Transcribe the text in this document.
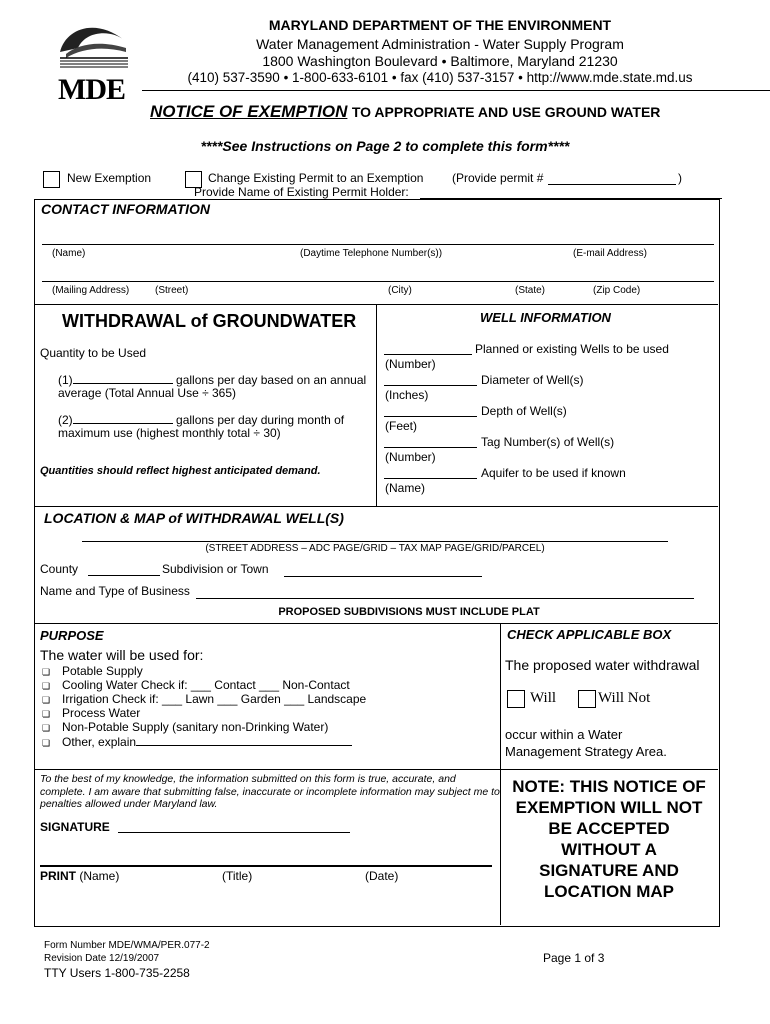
MDE
MARYLAND DEPARTMENT OF THE ENVIRONMENT
Water Management Administration - Water Supply Program
1800 Washington Boulevard • Baltimore, Maryland 21230
(410) 537-3590 • 1-800-633-6101 • fax (410) 537-3157 • http://www.mde.state.md.us
NOTICE OF EXEMPTION TO APPROPRIATE AND USE GROUND WATER
****See Instructions on Page 2 to complete this form****
New Exemption	Change Existing Permit to an Exemption (Provide permit #	)
Provide Name of Existing Permit Holder:
CONTACT INFORMATION
(Name)	(Daytime Telephone Number(s))	(E-mail Address)
(Mailing Address)	(Street)	(City)	(State)	(Zip Code)
WITHDRAWAL of GROUNDWATER
Quantity to be Used
(1)	gallons per day based on an annual
average (Total Annual Use ÷ 365)
(2)	gallons per day during month of
maximum use (highest monthly total ÷ 30)
Quantities should reflect highest anticipated demand.
WELL INFORMATION
Planned or existing Wells to be used
(Number)
Diameter of Well(s)
(Inches)
Depth of Well(s)
(Feet)
Tag Number(s) of Well(s)
(Number)
Aquifer to be used if known
(Name)
LOCATION & MAP of WITHDRAWAL WELL(S)
(STREET ADDRESS – ADC PAGE/GRID – TAX MAP PAGE/GRID/PARCEL)
County	Subdivision or Town
Name and Type of Business
PROPOSED SUBDIVISIONS MUST INCLUDE PLAT
PURPOSE
The water will be used for:
❏ Potable Supply
❏ Cooling Water Check if: ___ Contact ___ Non-Contact
❏ Irrigation Check if: ___ Lawn ___ Garden ___ Landscape
❏ Process Water
❏ Non-Potable Supply (sanitary non-Drinking Water)
❏ Other, explain
CHECK APPLICABLE BOX
The proposed water withdrawal
Will	Will Not
occur within a Water
Management Strategy Area.
To the best of my knowledge, the information submitted on this form is true, accurate, and complete. I am aware that submitting false, inaccurate or incomplete information may subject me to penalties allowed under Maryland law.
SIGNATURE
PRINT (Name)	(Title)	(Date)
NOTE: THIS NOTICE OF
EXEMPTION WILL NOT
BE ACCEPTED
WITHOUT A
SIGNATURE AND
LOCATION MAP
Form Number MDE/WMA/PER.077-2
Revision Date 12/19/2007
TTY Users 1-800-735-2258
Page 1 of 3
